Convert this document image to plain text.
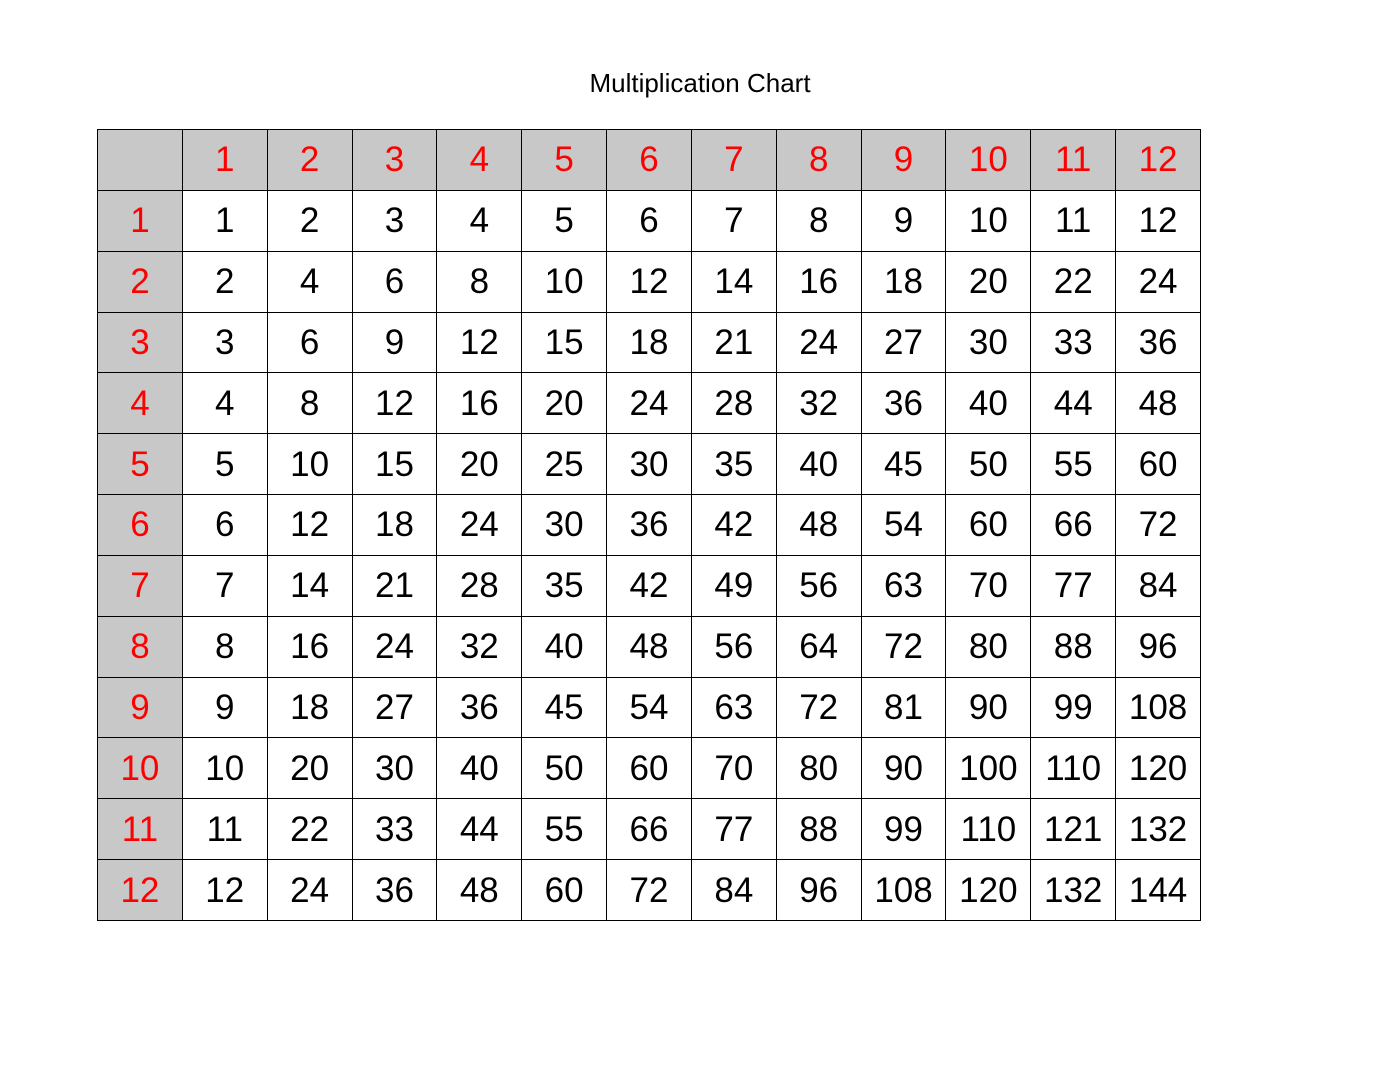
Multiplication Chart
	1	2	3	4	5	6	7	8	9	10	11	12
1	1	2	3	4	5	6	7	8	9	10	11	12
2	2	4	6	8	10	12	14	16	18	20	22	24
3	3	6	9	12	15	18	21	24	27	30	33	36
4	4	8	12	16	20	24	28	32	36	40	44	48
5	5	10	15	20	25	30	35	40	45	50	55	60
6	6	12	18	24	30	36	42	48	54	60	66	72
7	7	14	21	28	35	42	49	56	63	70	77	84
8	8	16	24	32	40	48	56	64	72	80	88	96
9	9	18	27	36	45	54	63	72	81	90	99	108
10	10	20	30	40	50	60	70	80	90	100	110	120
11	11	22	33	44	55	66	77	88	99	110	121	132
12	12	24	36	48	60	72	84	96	108	120	132	144
